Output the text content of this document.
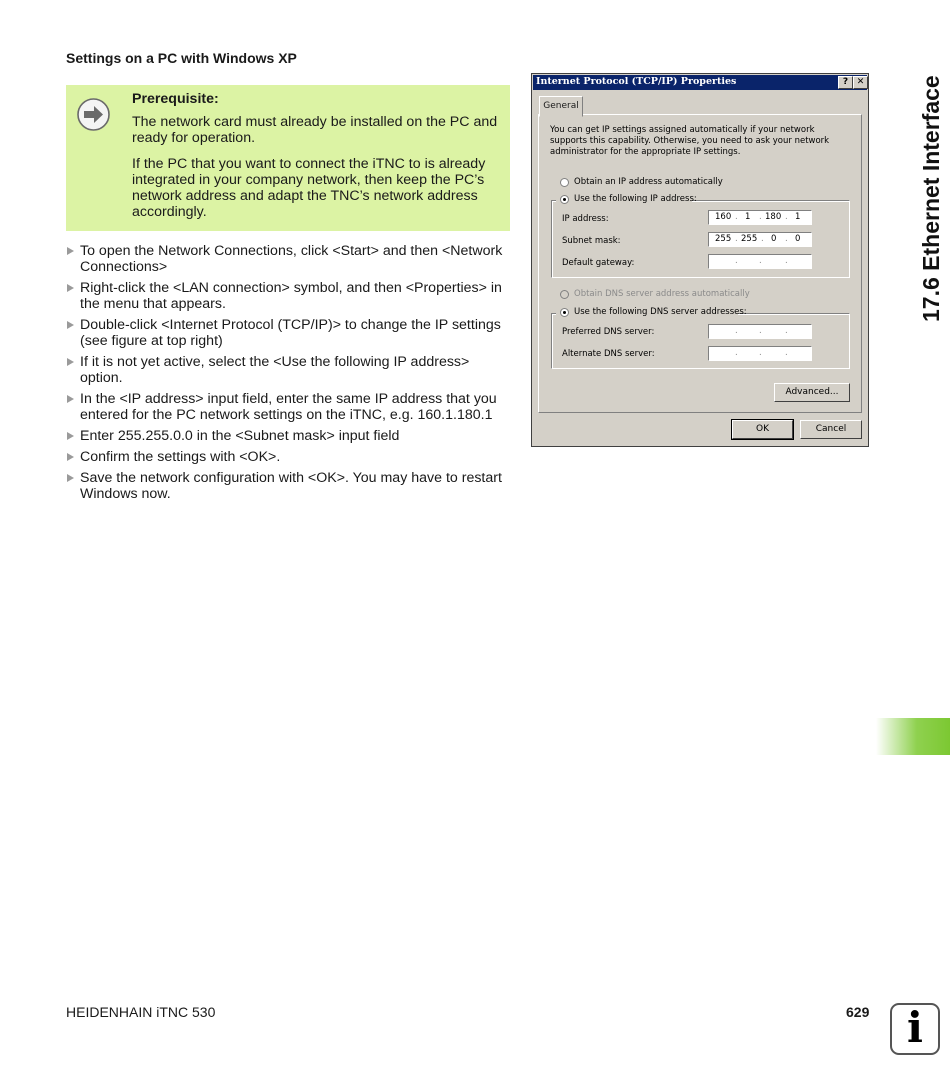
Settings on a PC with Windows XP

Prerequisite:

The network card must already be installed on the PC and ready for operation.

If the PC that you want to connect the iTNC to is already integrated in your company network, then keep the PC’s network address and adapt the TNC’s network address accordingly.

To open the Network Connections, click <Start> and then <Network Connections>
Right-click the <LAN connection> symbol, and then <Properties> in the menu that appears.
Double-click <Internet Protocol (TCP/IP)> to change the IP settings (see figure at top right)
If it is not yet active, select the <Use the following IP address> option.
In the <IP address> input field, enter the same IP address that you entered for the PC network settings on the iTNC, e.g. 160.1.180.1
Enter 255.255.0.0 in the <Subnet mask> input field
Confirm the settings with <OK>.
Save the network configuration with <OK>. You may have to restart Windows now.
Internet Protocol (TCP/IP) Properties	? ✕
General
You can get IP settings assigned automatically if your network supports this capability. Otherwise, you need to ask your network administrator for the appropriate IP settings.
Obtain an IP address automatically
Use the following IP address:
IP address:	160 . 1 . 180 . 1
Subnet mask:	255 . 255 . 0 . 0
Default gateway:	.	.	.
Obtain DNS server address automatically
Use the following DNS server addresses:
Preferred DNS server:	.	.	.
Alternate DNS server:	.	.	.
Advanced...
OK	Cancel
17.6 Ethernet Interface
HEIDENHAIN iTNC 530	629 i
